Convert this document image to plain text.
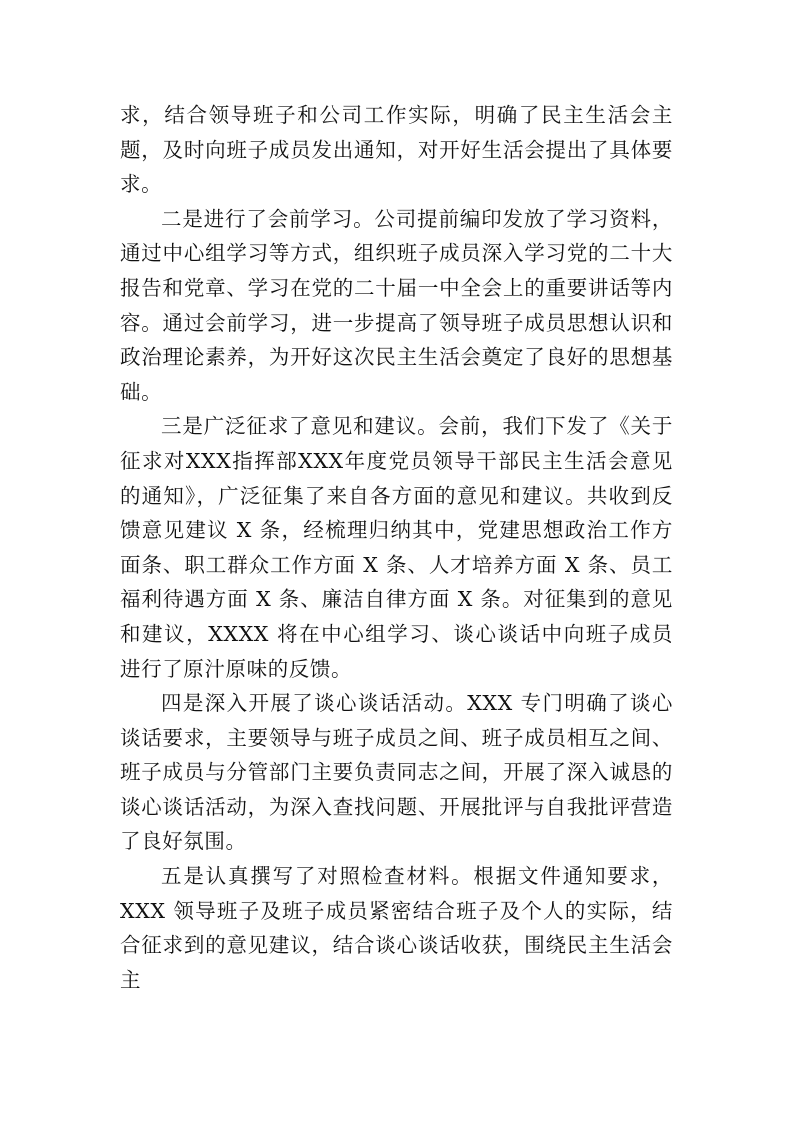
求，结合领导班子和公司工作实际，明确了民主生活会主题，及时向班子成员发出通知，对开好生活会提出了具体要求。

二是进行了会前学习。公司提前编印发放了学习资料，通过中心组学习等方式，组织班子成员深入学习党的二十大报告和党章、学习在党的二十届一中全会上的重要讲话等内容。通过会前学习，进一步提高了领导班子成员思想认识和政治理论素养，为开好这次民主生活会奠定了良好的思想基础。

三是广泛征求了意见和建议。会前，我们下发了《关于征求对XXX指挥部XXX年度党员领导干部民主生活会意见的通知》，广泛征集了来自各方面的意见和建议。共收到反馈意见建议 X 条，经梳理归纳其中，党建思想政治工作方面条、职工群众工作方面 X 条、人才培养方面 X 条、员工福利待遇方面 X 条、廉洁自律方面 X 条。对征集到的意见和建议，XXXX 将在中心组学习、谈心谈话中向班子成员进行了原汁原味的反馈。

四是深入开展了谈心谈话活动。XXX 专门明确了谈心谈话要求，主要领导与班子成员之间、班子成员相互之间、班子成员与分管部门主要负责同志之间，开展了深入诚恳的谈心谈话活动，为深入查找问题、开展批评与自我批评营造了良好氛围。

五是认真撰写了对照检查材料。根据文件通知要求，XXX 领导班子及班子成员紧密结合班子及个人的实际，结合征求到的意见建议，结合谈心谈话收获，围绕民主生活会主
